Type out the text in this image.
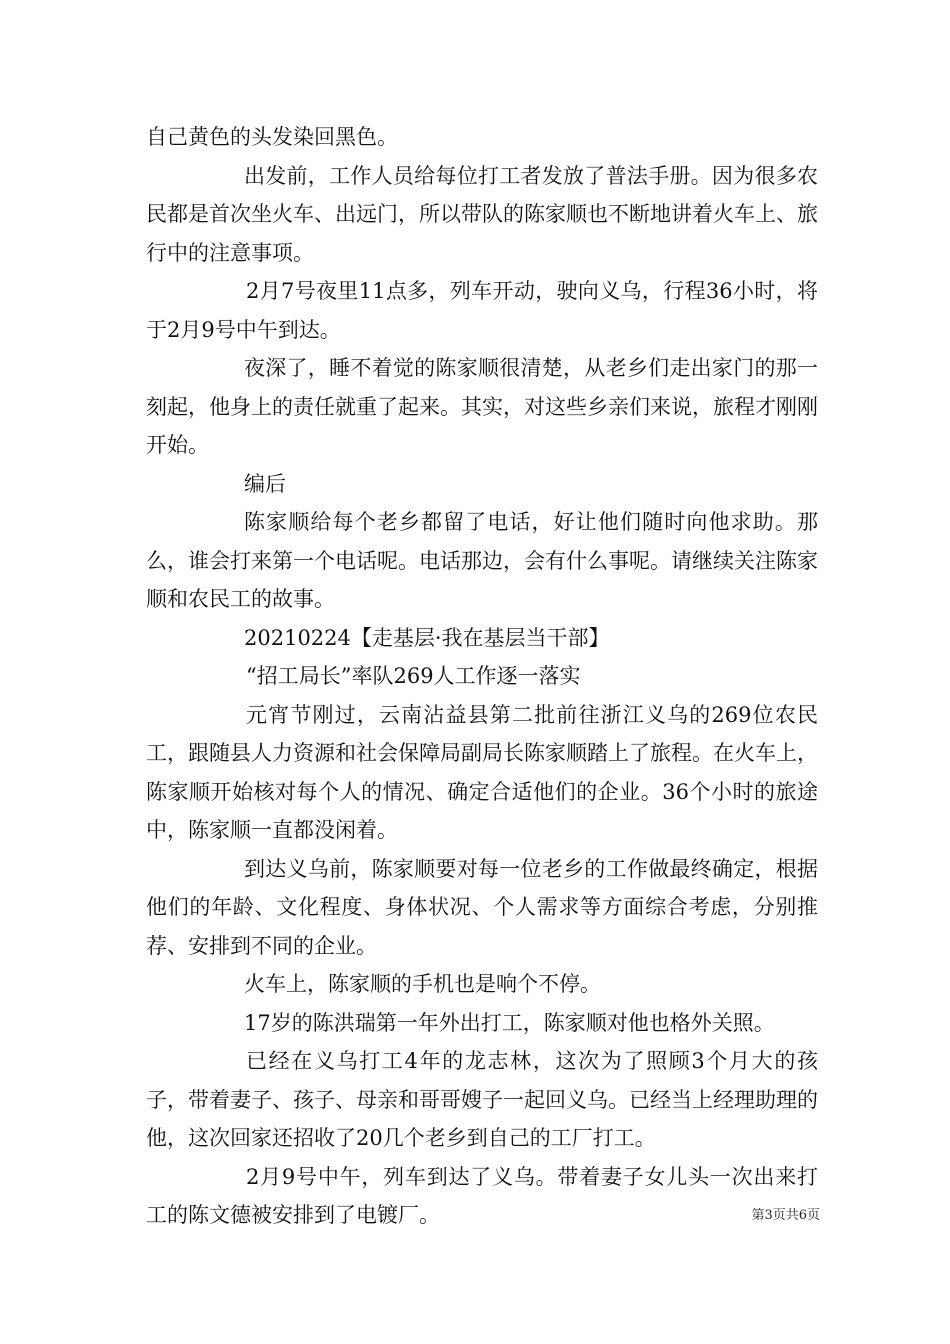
自己黄色的头发染回黑色。

出发前，工作人员给每位打工者发放了普法手册。因为很多农民都是首次坐火车、出远门，所以带队的陈家顺也不断地讲着火车上、旅行中的注意事项。

2月7号夜里11点多，列车开动，驶向义乌，行程36小时，将于2月9号中午到达。

夜深了，睡不着觉的陈家顺很清楚，从老乡们走出家门的那一刻起，他身上的责任就重了起来。其实，对这些乡亲们来说，旅程才刚刚开始。

编后

陈家顺给每个老乡都留了电话，好让他们随时向他求助。那么，谁会打来第一个电话呢。电话那边，会有什么事呢。请继续关注陈家顺和农民工的故事。

20210224【走基层·我在基层当干部】

“招工局长”率队269人工作逐一落实

元宵节刚过，云南沾益县第二批前往浙江义乌的269位农民工，跟随县人力资源和社会保障局副局长陈家顺踏上了旅程。在火车上，陈家顺开始核对每个人的情况、确定合适他们的企业。36个小时的旅途中，陈家顺一直都没闲着。

到达义乌前，陈家顺要对每一位老乡的工作做最终确定，根据他们的年龄、文化程度、身体状况、个人需求等方面综合考虑，分别推荐、安排到不同的企业。

火车上，陈家顺的手机也是响个不停。

17岁的陈洪瑞第一年外出打工，陈家顺对他也格外关照。

已经在义乌打工4年的龙志林，这次为了照顾3个月大的孩子，带着妻子、孩子、母亲和哥哥嫂子一起回义乌。已经当上经理助理的他，这次回家还招收了20几个老乡到自己的工厂打工。

2月9号中午，列车到达了义乌。带着妻子女儿头一次出来打工的陈文德被安排到了电镀厂。	第3页共6页
